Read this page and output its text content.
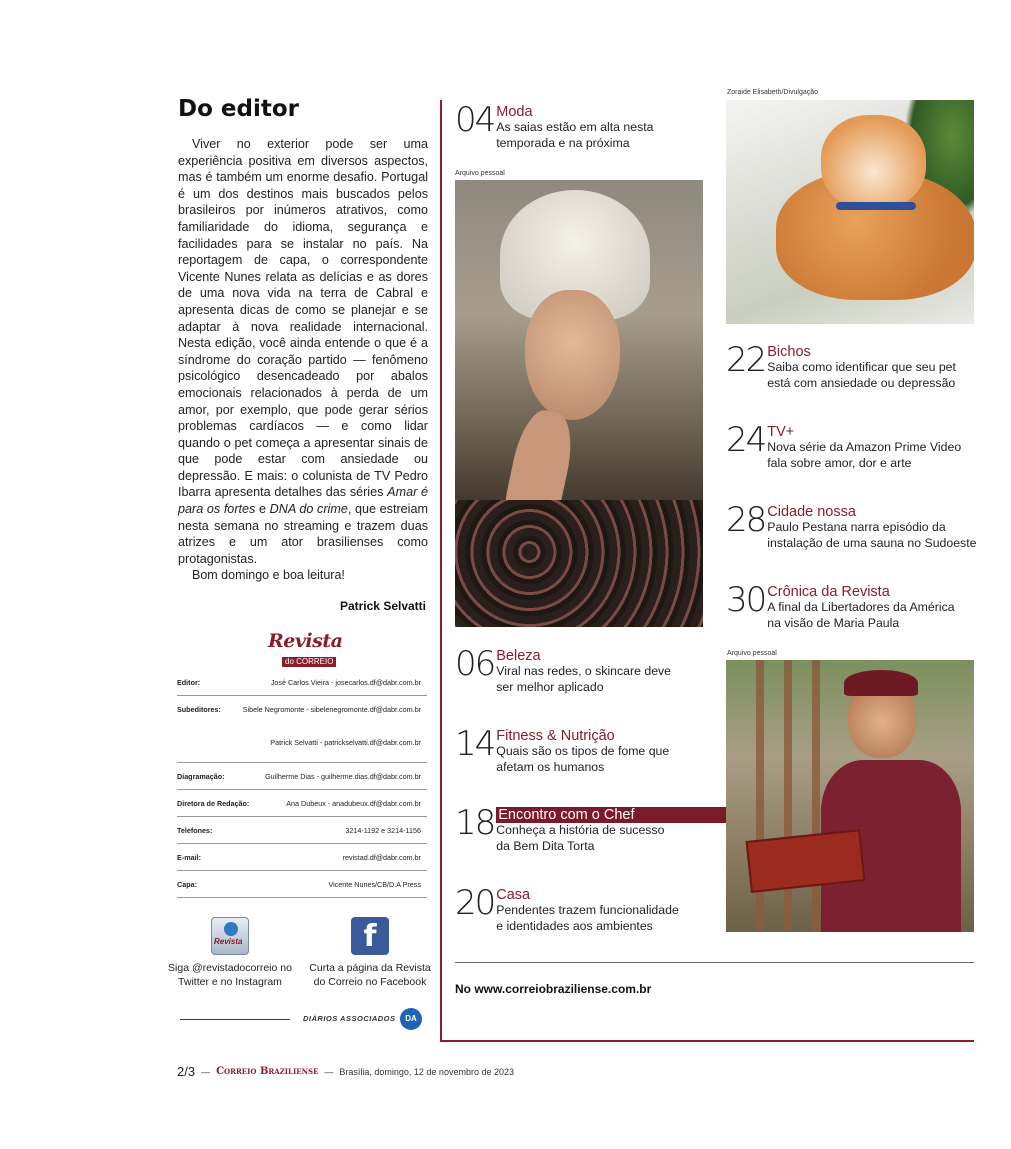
Do editor

Viver no exterior pode ser uma experiência positiva em diversos aspectos, mas é também um enorme desafio. Portugal é um dos destinos mais buscados pelos brasileiros por inúmeros atrativos, como familiaridade do idioma, segurança e facilidades para se instalar no país. Na reportagem de capa, o correspondente Vicente Nunes relata as delícias e as dores de uma nova vida na terra de Cabral e apresenta dicas de como se planejar e se adaptar à nova realidade internacional. Nesta edição, você ainda entende o que é a síndrome do coração partido — fenômeno psicológico desencadeado por abalos emocionais relacionados à perda de um amor, por exemplo, que pode gerar sérios problemas cardíacos — e como lidar quando o pet começa a apresentar sinais de que pode estar com ansiedade ou depressão. E mais: o colunista de TV Pedro Ibarra apresenta detalhes das séries Amar é para os fortes e DNA do crime, que estreiam nesta semana no streaming e trazem duas atrizes e um ator brasilienses como protagonistas.

Bom domingo e boa leitura!
Patrick Selvatti
Revista
do CORREIO
Editor:	José Carlos Vieira - josecarlos.df@dabr.com.br
Subeditores:	Sibele Negromonte - sibelenegromonte.df@dabr.com.br
Patrick Selvatti - patrickselvatti.df@dabr.com.br
Diagramação:	Guilherme Dias - guilherme.dias.df@dabr.com.br
Diretora de Redação:	Ana Dubeux - anadubeux.df@dabr.com.br
Telefones:	3214-1192 e 3214-1156
E-mail:	revistad.df@dabr.com.br
Capa:	Vicente Nunes/CB/D.A Press
Revista
Siga @revistadocorreio no Twitter e no Instagram
f
Curta a página da Revista do Correio no Facebook
DIÁRIOS ASSOCIADOS	DA
2/3 — Correio Braziliense — Brasília, domingo, 12 de novembro de 2023
No www.correiobraziliense.com.br
Arquivo pessoal
Zoraide Elisabeth/Divulgação
Arquivo pessoal
04 Moda
As saias estão em alta nesta
temporada e na próxima
22 Bichos
Saiba como identificar que seu pet
está com ansiedade ou depressão
24 TV+
Nova série da Amazon Prime Video
fala sobre amor, dor e arte
28 Cidade nossa
Paulo Pestana narra episódio da
instalação de uma sauna no Sudoeste
30 Crônica da Revista
A final da Libertadores da América
na visão de Maria Paula
06 Beleza
Viral nas redes, o skincare deve
ser melhor aplicado
14 Fitness & Nutrição
Quais são os tipos de fome que
afetam os humanos
18 Encontro com o Chef
Conheça a história de sucesso
da Bem Dita Torta
20 Casa
Pendentes trazem funcionalidade
e identidades aos ambientes
